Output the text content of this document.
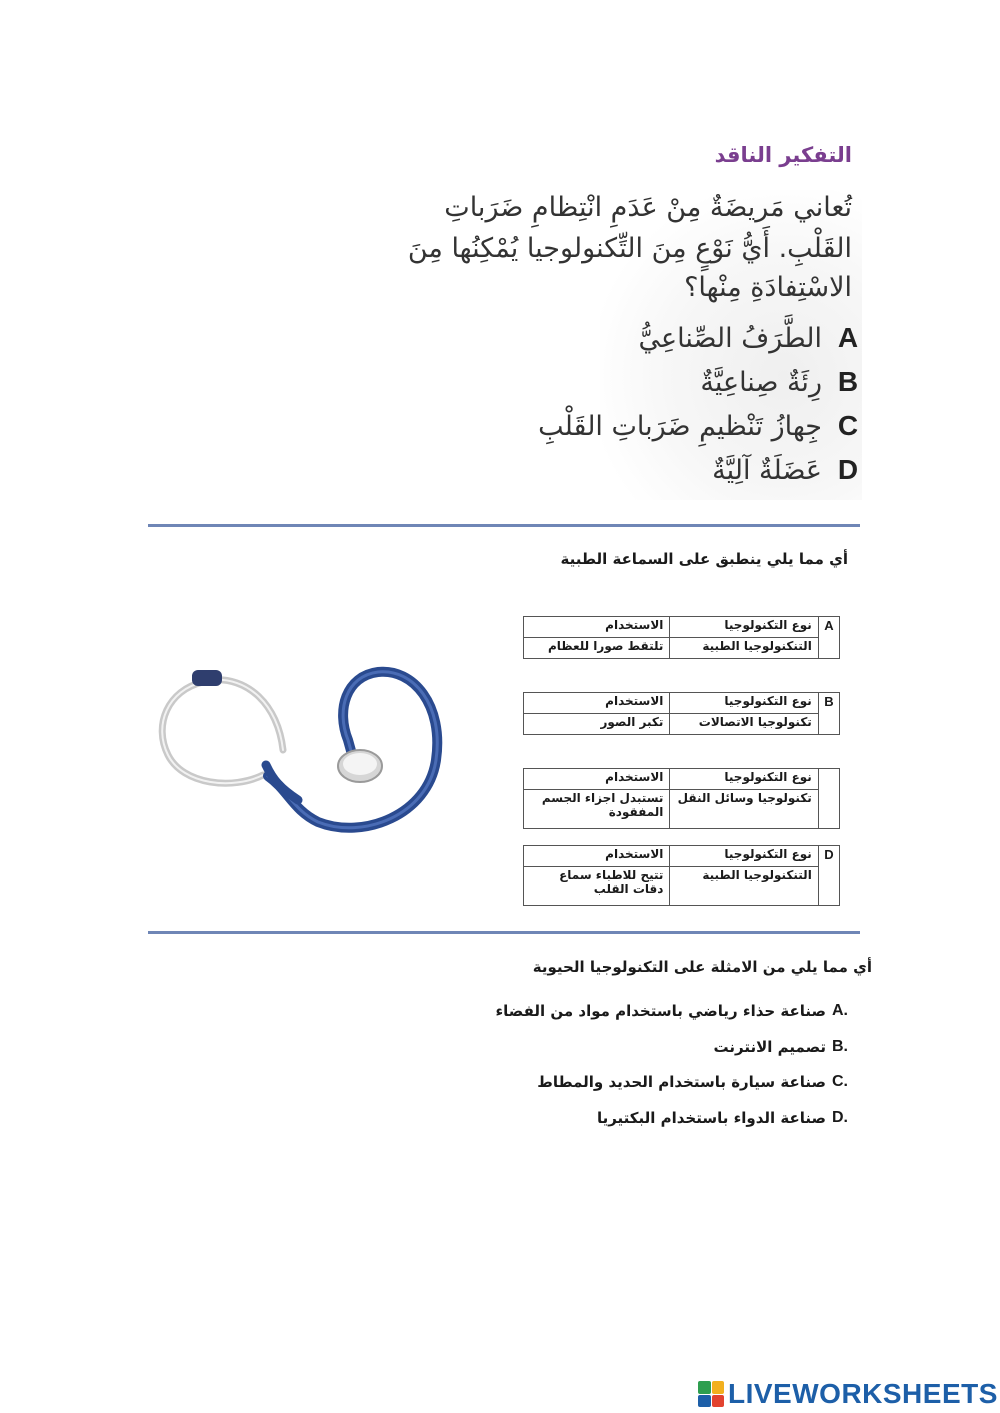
التفكير الناقد
تُعاني مَريضَةٌ مِنْ عَدَمِ انْتِظامِ ضَرَباتِ
القَلْبِ. أَيُّ نَوْعٍ مِنَ التِّكنولوجيا يُمْكِنُها مِنَ
الاسْتِفادَةِ مِنْها؟
الطَّرَفُ الصِّناعِيُّ A
رِئَةٌ صِناعِيَّةٌ B
جِهازُ تَنْظيمِ ضَرَباتِ القَلْبِ C
عَضَلَةٌ آلِيَّةٌ D
أي مما يلي ينطبق على السماعة الطبية
A	نوع التكنولوجيا	الاستخدام
	التنكنولوجيا الطبية	تلتقط صورا للعظام
B	نوع التكنولوجيا	الاستخدام
	تكنولوجيا الاتصالات	تكبر الصور
	نوع التكنولوجيا	الاستخدام
	تكنولوجيا وسائل النقل	تستبدل اجزاء الجسم المفقودة
D	نوع التكنولوجيا	الاستخدام
	التنكنولوجيا الطبية	تتيح للاطباء سماع دقات القلب
أي مما يلي من الامثلة على التكنولوجيا الحيوية
صناعة حذاء رياضي باستخدام مواد من الفضاء A.
تصميم الانترنت B.
صناعة سيارة باستخدام الحديد والمطاط C.
صناعة الدواء باستخدام البكتيريا D.
LIVEWORKSHEETS
